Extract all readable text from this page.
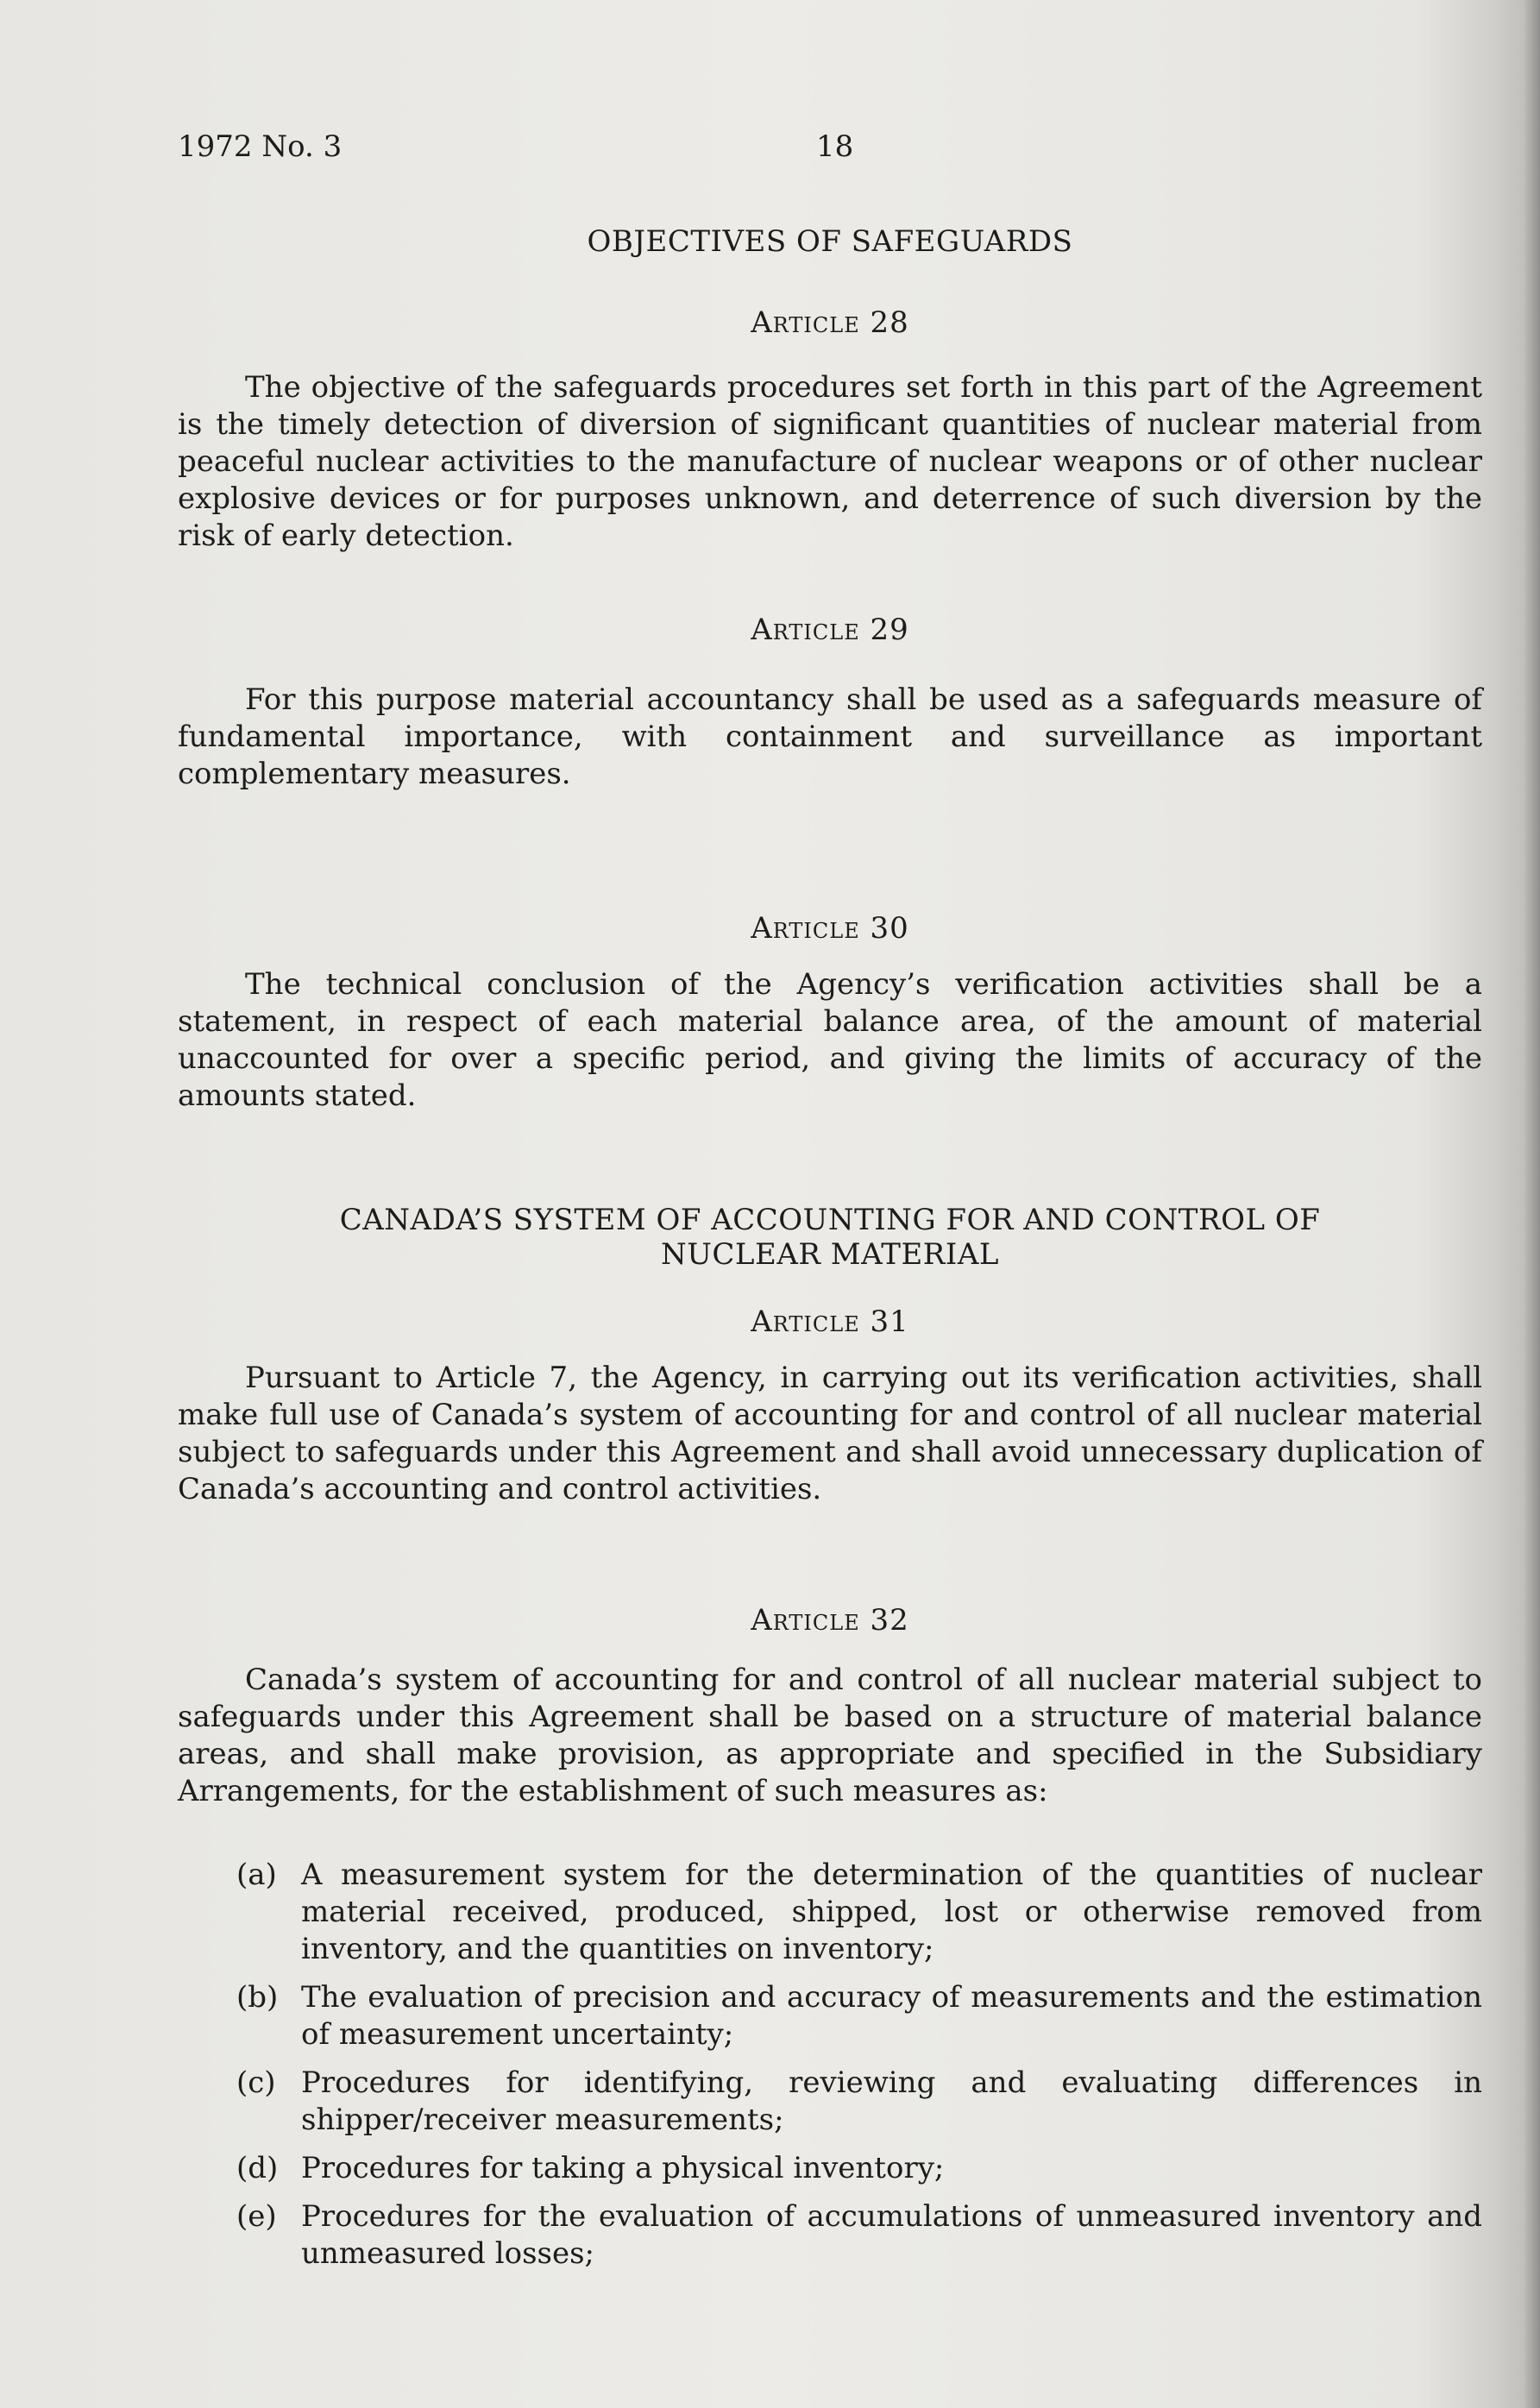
1972 No. 3	18
OBJECTIVES OF SAFEGUARDS
Article 28

The objective of the safeguards procedures set forth in this part of the Agreement is the timely detection of diversion of significant quantities of nuclear material from peaceful nuclear activities to the manufacture of nuclear weapons or of other nuclear explosive devices or for purposes unknown, and deterrence of such diversion by the risk of early detection.

Article 29

For this purpose material accountancy shall be used as a safeguards measure of fundamental importance, with containment and surveillance as important complementary measures.

Article 30

The technical conclusion of the Agency’s verification activities shall be a statement, in respect of each material balance area, of the amount of material unaccounted for over a specific period, and giving the limits of accuracy of the amounts stated.

CANADA’S SYSTEM OF ACCOUNTING FOR AND CONTROL OF
NUCLEAR MATERIAL
Article 31

Pursuant to Article 7, the Agency, in carrying out its verification activities, shall make full use of Canada’s system of accounting for and control of all nuclear material subject to safeguards under this Agreement and shall avoid unnecessary duplication of Canada’s accounting and control activities.

Article 32

Canada’s system of accounting for and control of all nuclear material subject to safeguards under this Agreement shall be based on a structure of material balance areas, and shall make provision, as appropriate and specified in the Subsidiary Arrangements, for the establishment of such measures as:

(a) A measurement system for the determination of the quantities of nuclear material received, produced, shipped, lost or otherwise removed from inventory, and the quantities on inventory;
(b) The evaluation of precision and accuracy of measurements and the estimation of measurement uncertainty;
(c) Procedures for identifying, reviewing and evaluating differences in shipper/receiver measurements;
(d) Procedures for taking a physical inventory;
(e) Procedures for the evaluation of accumulations of unmeasured inventory and unmeasured losses;
